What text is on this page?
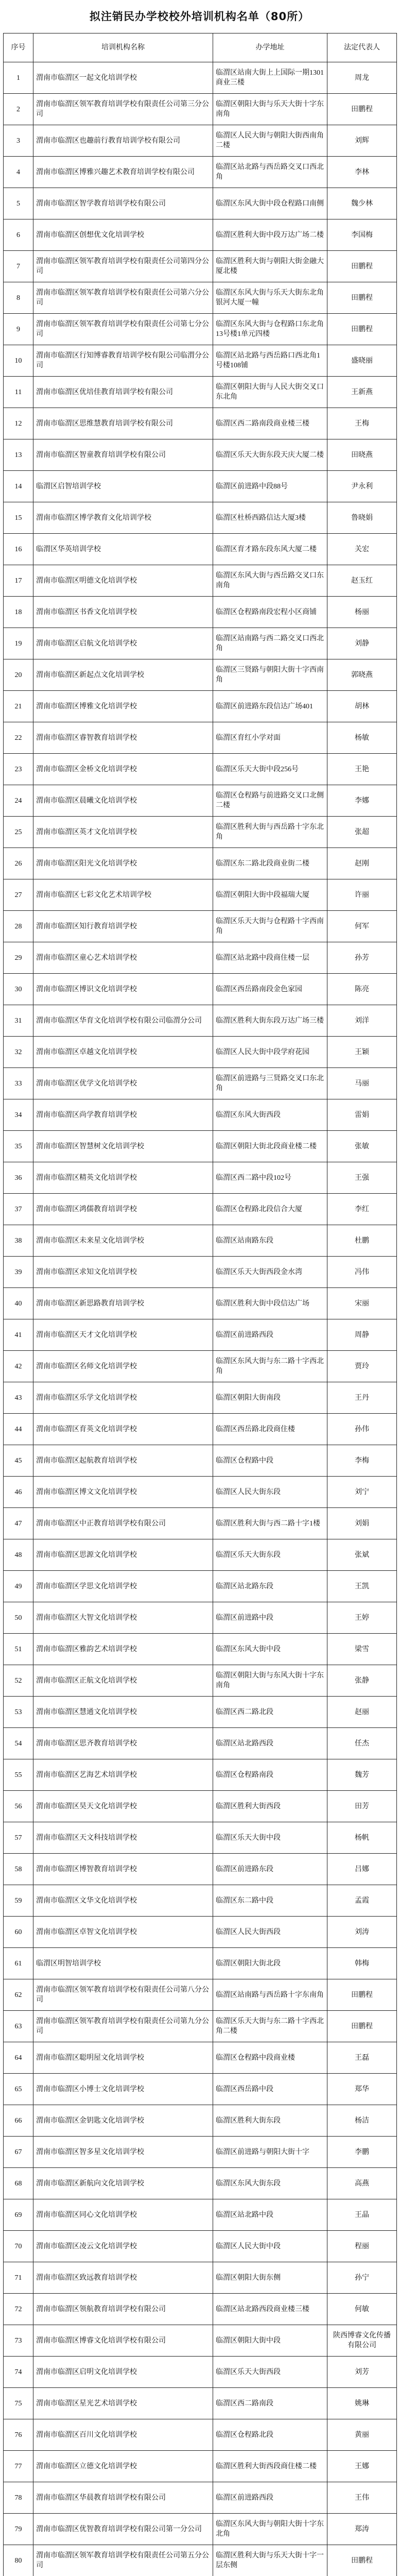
拟注销民办学校校外培训机构名单（80所）
序号	培训机构名称	办学地址	法定代表人
1	渭南市临渭区一起文化培训学校	临渭区站南大街上上国际一期1301商业三楼	周龙
2	渭南市临渭区领军教育培训学校有限责任公司第三分公司	临渭区朝阳大街与乐天大街十字东南角	田鹏程
3	渭南市临渭区也趣前行教育培训学校有限公司	临渭区人民大街与朝阳大街西南角二楼	刘辉
4	渭南市临渭区博雅兴趣艺术教育培训学校有限公司	临渭区站北路与西岳路交叉口西北角	李林
5	渭南市临渭区智学教育培训学校有限公司	临渭区东风大街中段仓程路口南侧	魏少林
6	渭南市临渭区创想优文化培训学校	临渭区胜利大街中段万达广场二楼	李国梅
7	渭南市临渭区领军教育培训学校有限责任公司第四分公司	临渭区胜利大街与朝阳大街金融大厦北楼	田鹏程
8	渭南市临渭区领军教育培训学校有限责任公司第六分公司	临渭区东风大街与乐天大街东北角银河大厦一幢	田鹏程
9	渭南市临渭区领军教育培训学校有限责任公司第七分公司	临渭区东风大街与仓程路口东北角13号楼1单元四楼	田鹏程
10	渭南市临渭区行知博睿教育培训学校有限公司临渭分公司	临渭区站北路与西岳路口西北角1号楼108铺	盛晓丽
11	渭南市临渭区优培佳教育培训学校有限公司	临渭区朝阳大街与人民大街交叉口东北角	王新燕
12	渭南市临渭区思维慧教育培训学校有限公司	临渭区西二路南段商业楼三楼	王梅
13	渭南市临渭区智童教育培训学校有限公司	临渭区乐天大街东段天庆大厦二楼	田晓燕
14	临渭区启智培训学校	临渭区前进路中段88号	尹永利
15	渭南市临渭区博学教育文化培训学校	临渭区杜桥西路信达大厦3楼	鲁晓娟
16	临渭区华英培训学校	临渭区育才路东段东风大厦二楼	关宏
17	渭南市临渭区明德文化培训学校	临渭区东风大街与西岳路交叉口东南角	赵玉红
18	渭南市临渭区书香文化培训学校	临渭区仓程路南段宏程小区商铺	杨丽
19	渭南市临渭区启航文化培训学校	临渭区站南路与西二路交叉口西北角	刘静
20	渭南市临渭区新起点文化培训学校	临渭区三贤路与朝阳大街十字西南角	郭晓燕
21	渭南市临渭区博雅文化培训学校	临渭区前进路东段信达广场401	胡林
22	渭南市临渭区睿智教育培训学校	临渭区育红小学对面	杨敏
23	渭南市临渭区金桥文化培训学校	临渭区乐天大街中段256号	王艳
24	渭南市临渭区晨曦文化培训学校	临渭区仓程路与前进路交叉口北侧二楼	李娜
25	渭南市临渭区英才文化培训学校	临渭区胜利大街与西岳路十字东北角	张超
26	渭南市临渭区阳光文化培训学校	临渭区东二路北段商业街二楼	赵刚
27	渭南市临渭区七彩文化艺术培训学校	临渭区朝阳大街中段福瑞大厦	许丽
28	渭南市临渭区知行教育培训学校	临渭区乐天大街与仓程路十字西南角	何军
29	渭南市临渭区童心艺术培训学校	临渭区站北路中段商住楼一层	孙芳
30	渭南市临渭区博识文化培训学校	临渭区西岳路南段金色家园	陈亮
31	渭南市临渭区华育文化培训学校有限公司临渭分公司	临渭区胜利大街东段万达广场三楼	刘洋
32	渭南市临渭区卓越文化培训学校	临渭区人民大街中段学府花园	王颖
33	渭南市临渭区优学文化培训学校	临渭区前进路与三贤路交叉口东北角	马丽
34	渭南市临渭区尚学教育培训学校	临渭区东风大街西段	雷娟
35	渭南市临渭区智慧树文化培训学校	临渭区朝阳大街北段商业楼二楼	张敏
36	渭南市临渭区精英文化培训学校	临渭区西二路中段102号	王强
37	渭南市临渭区鸿儒教育培训学校	临渭区仓程路北段信合大厦	李红
38	渭南市临渭区未来星文化培训学校	临渭区站南路东段	杜鹏
39	渭南市临渭区求知文化培训学校	临渭区乐天大街西段金水湾	冯伟
40	渭南市临渭区新思路教育培训学校	临渭区胜利大街中段信达广场	宋丽
41	渭南市临渭区天才文化培训学校	临渭区前进路西段	周静
42	渭南市临渭区名师文化培训学校	临渭区东风大街与东二路十字西北角	贾玲
43	渭南市临渭区乐学文化培训学校	临渭区朝阳大街南段	王丹
44	渭南市临渭区育英文化培训学校	临渭区西岳路北段商住楼	孙伟
45	渭南市临渭区起航教育培训学校	临渭区仓程路中段	李梅
46	渭南市临渭区博文文化培训学校	临渭区人民大街东段	刘宁
47	渭南市临渭区中正教育培训学校有限公司	临渭区胜利大街与西二路十字1楼	刘娟
48	渭南市临渭区思源文化培训学校	临渭区乐天大街东段	张斌
49	渭南市临渭区学思文化培训学校	临渭区站北路东段	王凯
50	渭南市临渭区大智文化培训学校	临渭区前进路中段	王婷
51	渭南市临渭区雅韵艺术培训学校	临渭区东风大街中段	梁雪
52	渭南市临渭区正航文化培训学校	临渭区朝阳大街与东风大街十字东南角	张静
53	渭南市临渭区慧通文化培训学校	临渭区西二路北段	赵丽
54	渭南市临渭区思齐教育培训学校	临渭区站北路西段	任杰
55	渭南市临渭区艺海艺术培训学校	临渭区仓程路南段	魏芳
56	渭南市临渭区昊天文化培训学校	临渭区胜利大街西段	田芳
57	渭南市临渭区天文科技培训学校	临渭区乐天大街中段	杨帆
58	渭南市临渭区博智教育培训学校	临渭区前进路东段	吕娜
59	渭南市临渭区文华文化培训学校	临渭区东二路中段	孟霞
60	渭南市临渭区卓智文化培训学校	临渭区人民大街西段	刘涛
61	临渭区明智培训学校	临渭区朝阳大街北段	韩梅
62	渭南市临渭区领军教育培训学校有限责任公司第八分公司	临渭区站南路与西岳路十字东南角	田鹏程
63	渭南市临渭区领军教育培训学校有限责任公司第九分公司	临渭区乐天大街与东二路十字西北角二楼	田鹏程
64	渭南市临渭区聪明屋文化培训学校	临渭区仓程路中段商业楼	王磊
65	渭南市临渭区小博士文化培训学校	临渭区西岳路中段	郑华
66	渭南市临渭区金钥匙文化培训学校	临渭区胜利大街东段	杨洁
67	渭南市临渭区智多星文化培训学校	临渭区前进路与朝阳大街十字	李鹏
68	渭南市临渭区新航向文化培训学校	临渭区东风大街东段	高燕
69	渭南市临渭区同心文化培训学校	临渭区站北路中段	王晶
70	渭南市临渭区凌云文化培训学校	临渭区人民大街中段	程丽
71	渭南市临渭区致远教育培训学校	临渭区朝阳大街东侧	孙宁
72	渭南市临渭区领航教育培训学校有限公司	临渭区站北路西段商业楼三楼	何敏
73	渭南市临渭区博睿文化培训学校有限公司	临渭区朝阳大街中段	陕西博睿文化传播有限公司
74	渭南市临渭区启明文化培训学校	临渭区乐天大街西段	刘芳
75	渭南市临渭区星光艺术培训学校	临渭区西二路南段	姚琳
76	渭南市临渭区百川文化培训学校	临渭区仓程路北段	黄丽
77	渭南市临渭区立德文化培训学校	临渭区胜利大街西段商住楼二楼	王娜
78	渭南市临渭区华晨教育培训学校有限公司	临渭区前进路西段	王伟
79	渭南市临渭区优智教育培训学校有限公司第一分公司	临渭区东风大街与朝阳大街十字东北角	郑涛
80	渭南市临渭区领军教育培训学校有限责任公司第五分公司	临渭区胜利大街与乐天大街十字一层东侧	田鹏程
